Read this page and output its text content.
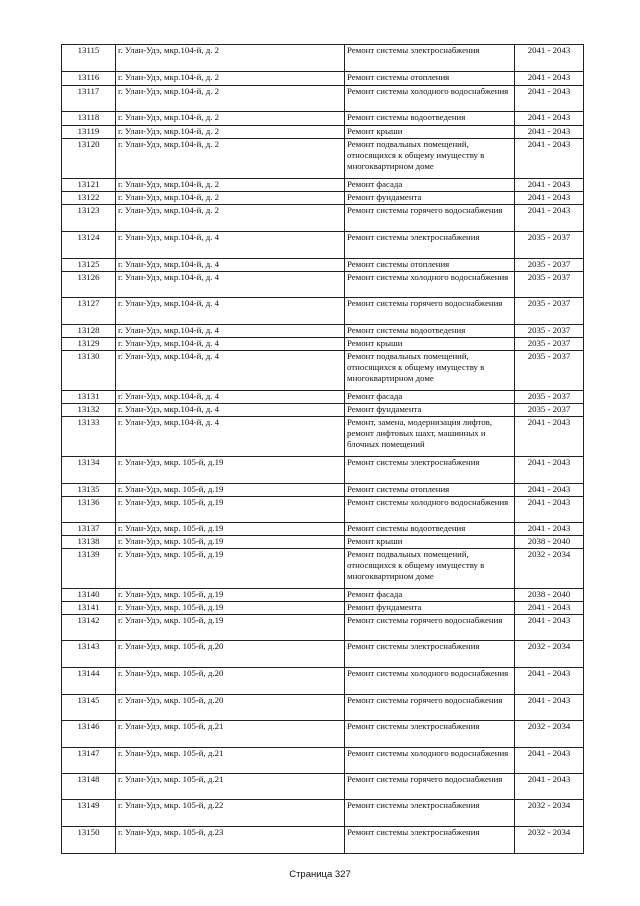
13115	г. Улан-Удэ, мкр.104-й, д. 2	Ремонт системы электроснабжения	2041 - 2043
13116	г. Улан-Удэ, мкр.104-й, д. 2	Ремонт системы отопления	2041 - 2043
13117	г. Улан-Удэ, мкр.104-й, д. 2	Ремонт системы холодного водоснабжения	2041 - 2043
13118	г. Улан-Удэ, мкр.104-й, д. 2	Ремонт системы водоотведения	2041 - 2043
13119	г. Улан-Удэ, мкр.104-й, д. 2	Ремонт крыши	2041 - 2043
13120	г. Улан-Удэ, мкр.104-й, д. 2	Ремонт подвальных помещений, относящихся к общему имуществу в многоквартирном доме	2041 - 2043
13121	г. Улан-Удэ, мкр.104-й, д. 2	Ремонт фасада	2041 - 2043
13122	г. Улан-Удэ, мкр.104-й, д. 2	Ремонт фундамента	2041 - 2043
13123	г. Улан-Удэ, мкр.104-й, д. 2	Ремонт системы горячего водоснабжения	2041 - 2043
13124	г. Улан-Удэ, мкр.104-й, д. 4	Ремонт системы электроснабжения	2035 - 2037
13125	г. Улан-Удэ, мкр.104-й, д. 4	Ремонт системы отопления	2035 - 2037
13126	г. Улан-Удэ, мкр.104-й, д. 4	Ремонт системы холодного водоснабжения	2035 - 2037
13127	г. Улан-Удэ, мкр.104-й, д. 4	Ремонт системы горячего водоснабжения	2035 - 2037
13128	г. Улан-Удэ, мкр.104-й, д. 4	Ремонт системы водоотведения	2035 - 2037
13129	г. Улан-Удэ, мкр.104-й, д. 4	Ремонт крыши	2035 - 2037
13130	г. Улан-Удэ, мкр.104-й, д. 4	Ремонт подвальных помещений, относящихся к общему имуществу в многоквартирном доме	2035 - 2037
13131	г. Улан-Удэ, мкр.104-й, д. 4	Ремонт фасада	2035 - 2037
13132	г. Улан-Удэ, мкр.104-й, д. 4	Ремонт фундамента	2035 - 2037
13133	г. Улан-Удэ, мкр.104-й, д. 4	Ремонт, замена, модернизация лифтов, ремонт лифтовых шахт, машинных и блочных помещений	2041 - 2043
13134	г. Улан-Удэ, мкр. 105-й, д.19	Ремонт системы электроснабжения	2041 - 2043
13135	г. Улан-Удэ, мкр. 105-й, д.19	Ремонт системы отопления	2041 - 2043
13136	г. Улан-Удэ, мкр. 105-й, д.19	Ремонт системы холодного водоснабжения	2041 - 2043
13137	г. Улан-Удэ, мкр. 105-й, д.19	Ремонт системы водоотведения	2041 - 2043
13138	г. Улан-Удэ, мкр. 105-й, д.19	Ремонт крыши	2038 - 2040
13139	г. Улан-Удэ, мкр. 105-й, д.19	Ремонт подвальных помещений, относящихся к общему имуществу в многоквартирном доме	2032 - 2034
13140	г. Улан-Удэ, мкр. 105-й, д.19	Ремонт фасада	2038 - 2040
13141	г. Улан-Удэ, мкр. 105-й, д.19	Ремонт фундамента	2041 - 2043
13142	г. Улан-Удэ, мкр. 105-й, д.19	Ремонт системы горячего водоснабжения	2041 - 2043
13143	г. Улан-Удэ, мкр. 105-й, д.20	Ремонт системы электроснабжения	2032 - 2034
13144	г. Улан-Удэ, мкр. 105-й, д.20	Ремонт системы холодного водоснабжения	2041 - 2043
13145	г. Улан-Удэ, мкр. 105-й, д.20	Ремонт системы горячего водоснабжения	2041 - 2043
13146	г. Улан-Удэ, мкр. 105-й, д.21	Ремонт системы электроснабжения	2032 - 2034
13147	г. Улан-Удэ, мкр. 105-й, д.21	Ремонт системы холодного водоснабжения	2041 - 2043
13148	г. Улан-Удэ, мкр. 105-й, д.21	Ремонт системы горячего водоснабжения	2041 - 2043
13149	г. Улан-Удэ, мкр. 105-й, д.22	Ремонт системы электроснабжения	2032 - 2034
13150	г. Улан-Удэ, мкр. 105-й, д.23	Ремонт системы электроснабжения	2032 - 2034
Страница 327
